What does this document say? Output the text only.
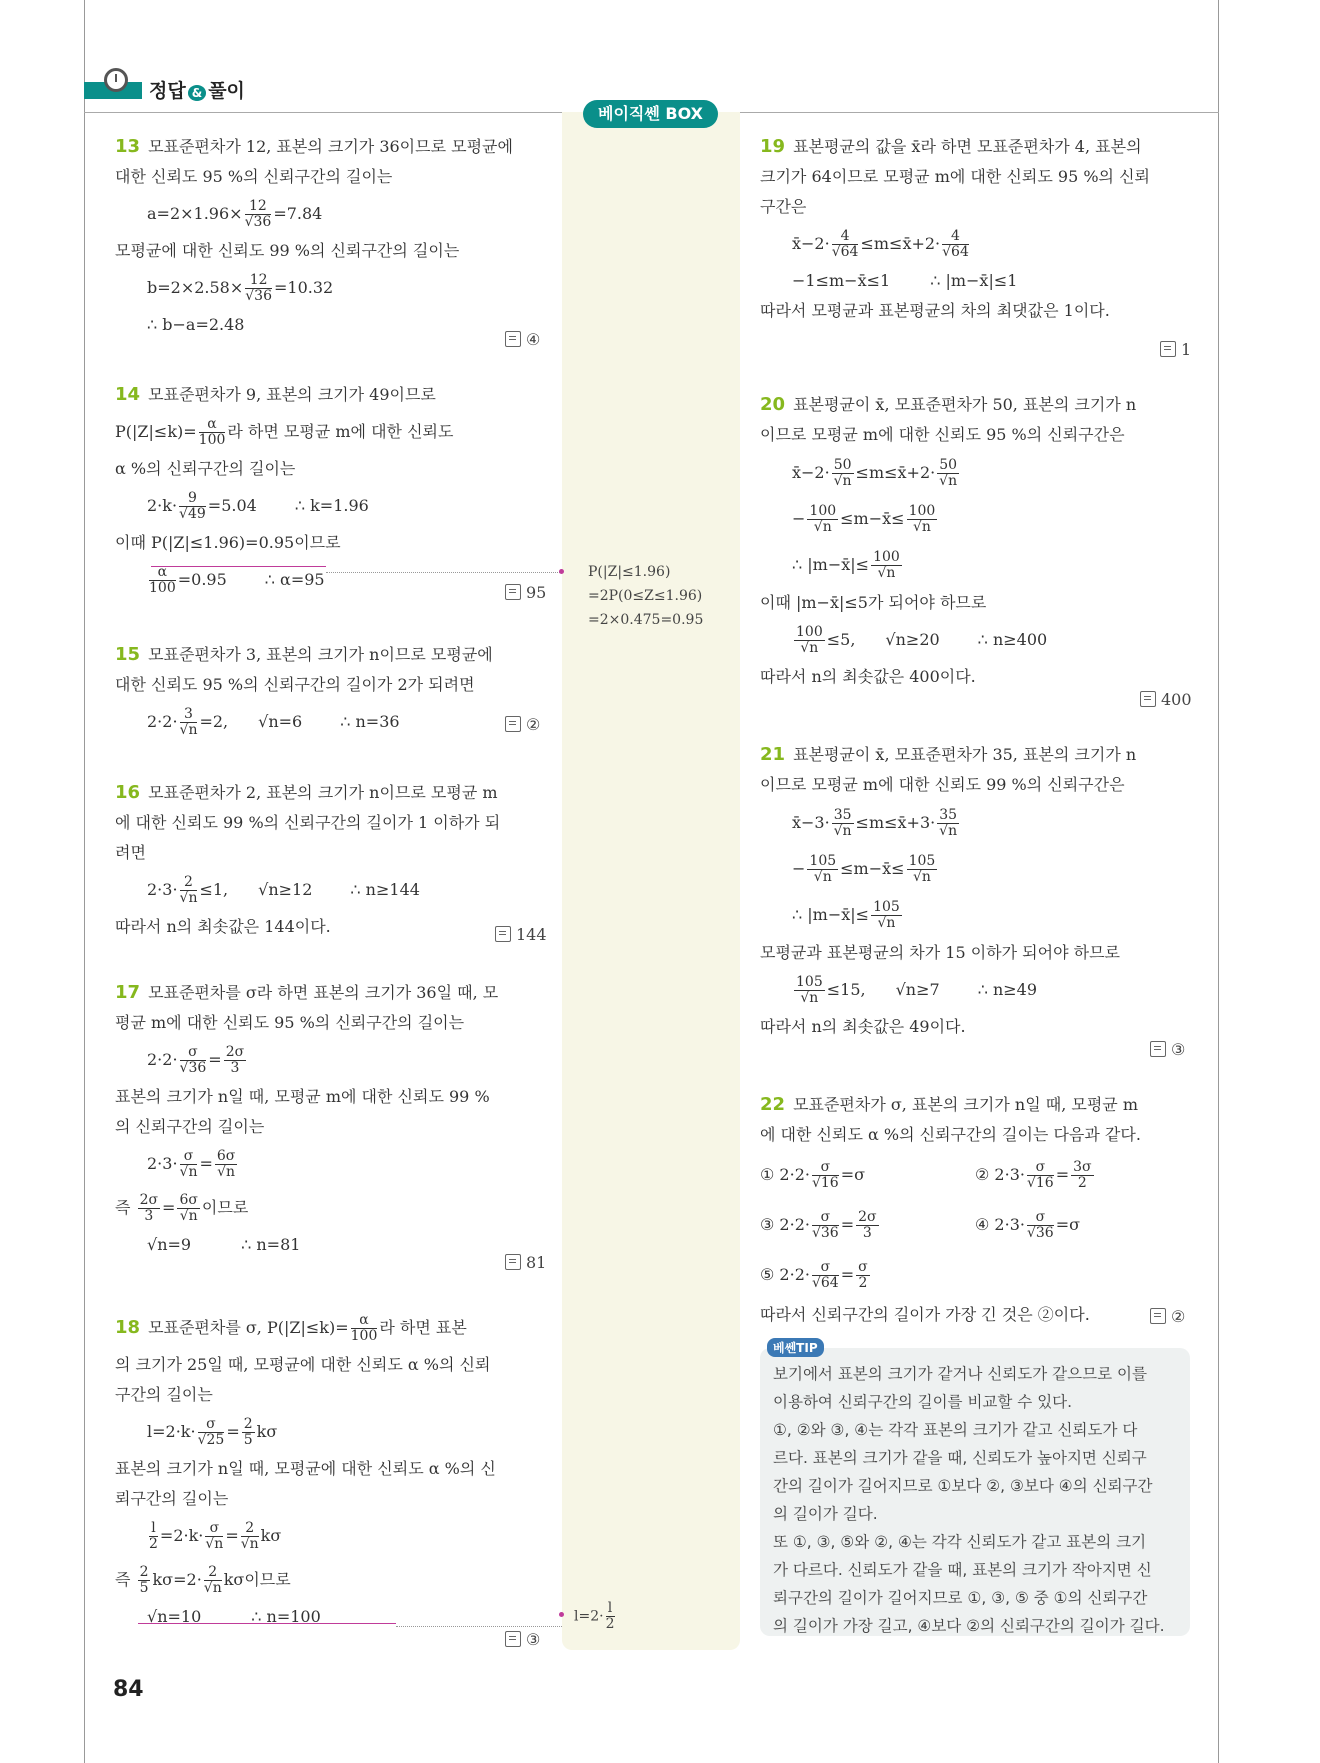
정답 & 풀이
베이직쎈 BOX
P(|Z|≤1.96)
=2P(0≤Z≤1.96)
=2×0.475=0.95
$l=2\cdot \frac{l}{2}$

13 모표준편차가 12, 표본의 크기가 36이므로 모평균에

대한 신뢰도 95 %의 신뢰구간의 길이는

$a=2\times 1.96\times \frac{12}{√36} =7.84$

모평균에 대한 신뢰도 99 %의 신뢰구간의 길이는

$b=2\times 2.58\times \frac{12}{√36} =10.32$

∴ b−a=2.48

④

14 모표준편차가 9, 표본의 크기가 49이므로

$P(|Z|\le k)= \frac{\alpha}{100}$ 라 하면 모평균 m에 대한 신뢰도

α %의 신뢰구간의 길이는

$2\cdot k\cdot \frac{9}{√49} =5.04$ ∴ k=1.96

이때 P(|Z|≤1.96)=0.95이므로

$\frac{\alpha}{100} =0.95$ ∴ α=95

95

15 모표준편차가 3, 표본의 크기가 n이므로 모평균에

대한 신뢰도 95 %의 신뢰구간의 길이가 2가 되려면

$2\cdot 2\cdot \frac{3}{√n} =2$, √n=6 ∴ n=36	②

16 모표준편차가 2, 표본의 크기가 n이므로 모평균 m

에 대한 신뢰도 99 %의 신뢰구간의 길이가 1 이하가 되

려면

$2\cdot 3\cdot \frac{2}{√n} \le 1$, √n≥12 ∴ n≥144

따라서 n의 최솟값은 144이다.	144

17 모표준편차를 σ라 하면 표본의 크기가 36일 때, 모

평균 m에 대한 신뢰도 95 %의 신뢰구간의 길이는

$2\cdot 2\cdot \frac{\sigma}{√36} = \frac{2\sigma}{3}$

표본의 크기가 n일 때, 모평균 m에 대한 신뢰도 99 %

의 신뢰구간의 길이는

$2\cdot 3\cdot \frac{\sigma}{√n} = \frac{6\sigma}{√n}$

즉 $\frac{2\sigma}{3} = \frac{6\sigma}{√n}$ 이므로

√n=9	∴ n=81

81

18 모표준편차를 σ, $P(|Z|\le k)= \frac{\alpha}{100}$ 라 하면 표본

의 크기가 25일 때, 모평균에 대한 신뢰도 α %의 신뢰

구간의 길이는

$l=2\cdot k\cdot \frac{\sigma}{√25} = \frac{2}{5}$ kσ

표본의 크기가 n일 때, 모평균에 대한 신뢰도 α %의 신

뢰구간의 길이는

$\frac{l}{2} =2\cdot k\cdot \frac{\sigma}{√n} = \frac{2}{√n}$ kσ

즉 $\frac{2}{5} k\sigma=2\cdot \frac{2}{√n}$ kσ이므로

√n=10	∴ n=100

③

19 표본평균의 값을 x̄라 하면 모표준편차가 4, 표본의

크기가 64이므로 모평균 m에 대한 신뢰도 95 %의 신뢰

구간은

x̄−2· $\frac{4}{√64}$ ≤m≤x̄+2· $\frac{4}{√64}$

−1≤m−x̄≤1	∴ |m−x̄|≤1

따라서 모평균과 표본평균의 차의 최댓값은 1이다.

1

20 표본평균이 x̄, 모표준편차가 50, 표본의 크기가 n

이므로 모평균 m에 대한 신뢰도 95 %의 신뢰구간은

x̄−2· $\frac{50}{√n}$ ≤m≤x̄+2· $\frac{50}{√n}$

− $\frac{100}{√n}$ ≤m−x̄≤ $\frac{100}{√n}$

∴ |m−x̄|≤ $\frac{100}{√n}$

이때 |m−x̄|≤5가 되어야 하므로

$\frac{100}{√n} \le 5$, √n≥20 ∴ n≥400

따라서 n의 최솟값은 400이다.

400

21 표본평균이 x̄, 모표준편차가 35, 표본의 크기가 n

이므로 모평균 m에 대한 신뢰도 99 %의 신뢰구간은

x̄−3· $\frac{35}{√n}$ ≤m≤x̄+3· $\frac{35}{√n}$

− $\frac{105}{√n}$ ≤m−x̄≤ $\frac{105}{√n}$

∴ |m−x̄|≤ $\frac{105}{√n}$

모평균과 표본평균의 차가 15 이하가 되어야 하므로

$\frac{105}{√n} \le 15$, √n≥7 ∴ n≥49

따라서 n의 최솟값은 49이다.

③

22 모표준편차가 σ, 표본의 크기가 n일 때, 모평균 m

에 대한 신뢰도 α %의 신뢰구간의 길이는 다음과 같다.

① $2\cdot 2\cdot \frac{\sigma}{√16} =\sigma$	② $2\cdot 3\cdot \frac{\sigma}{√16} = \frac{3\sigma}{2}$

③ $2\cdot 2\cdot \frac{\sigma}{√36} = \frac{2\sigma}{3}$	④ $2\cdot 3\cdot \frac{\sigma}{√36} =\sigma$

⑤ $2\cdot 2\cdot \frac{\sigma}{√64} = \frac{\sigma}{2}$

따라서 신뢰구간의 길이가 가장 긴 것은 ②이다.	②
베쎈TIP
보기에서 표본의 크기가 같거나 신뢰도가 같으므로 이를
이용하여 신뢰구간의 길이를 비교할 수 있다.
①, ②와 ③, ④는 각각 표본의 크기가 같고 신뢰도가 다
르다. 표본의 크기가 같을 때, 신뢰도가 높아지면 신뢰구
간의 길이가 길어지므로 ①보다 ②, ③보다 ④의 신뢰구간
의 길이가 길다.
또 ①, ③, ⑤와 ②, ④는 각각 신뢰도가 같고 표본의 크기
가 다르다. 신뢰도가 같을 때, 표본의 크기가 작아지면 신
뢰구간의 길이가 길어지므로 ①, ③, ⑤ 중 ①의 신뢰구간
의 길이가 가장 길고, ④보다 ②의 신뢰구간의 길이가 길다.
84
